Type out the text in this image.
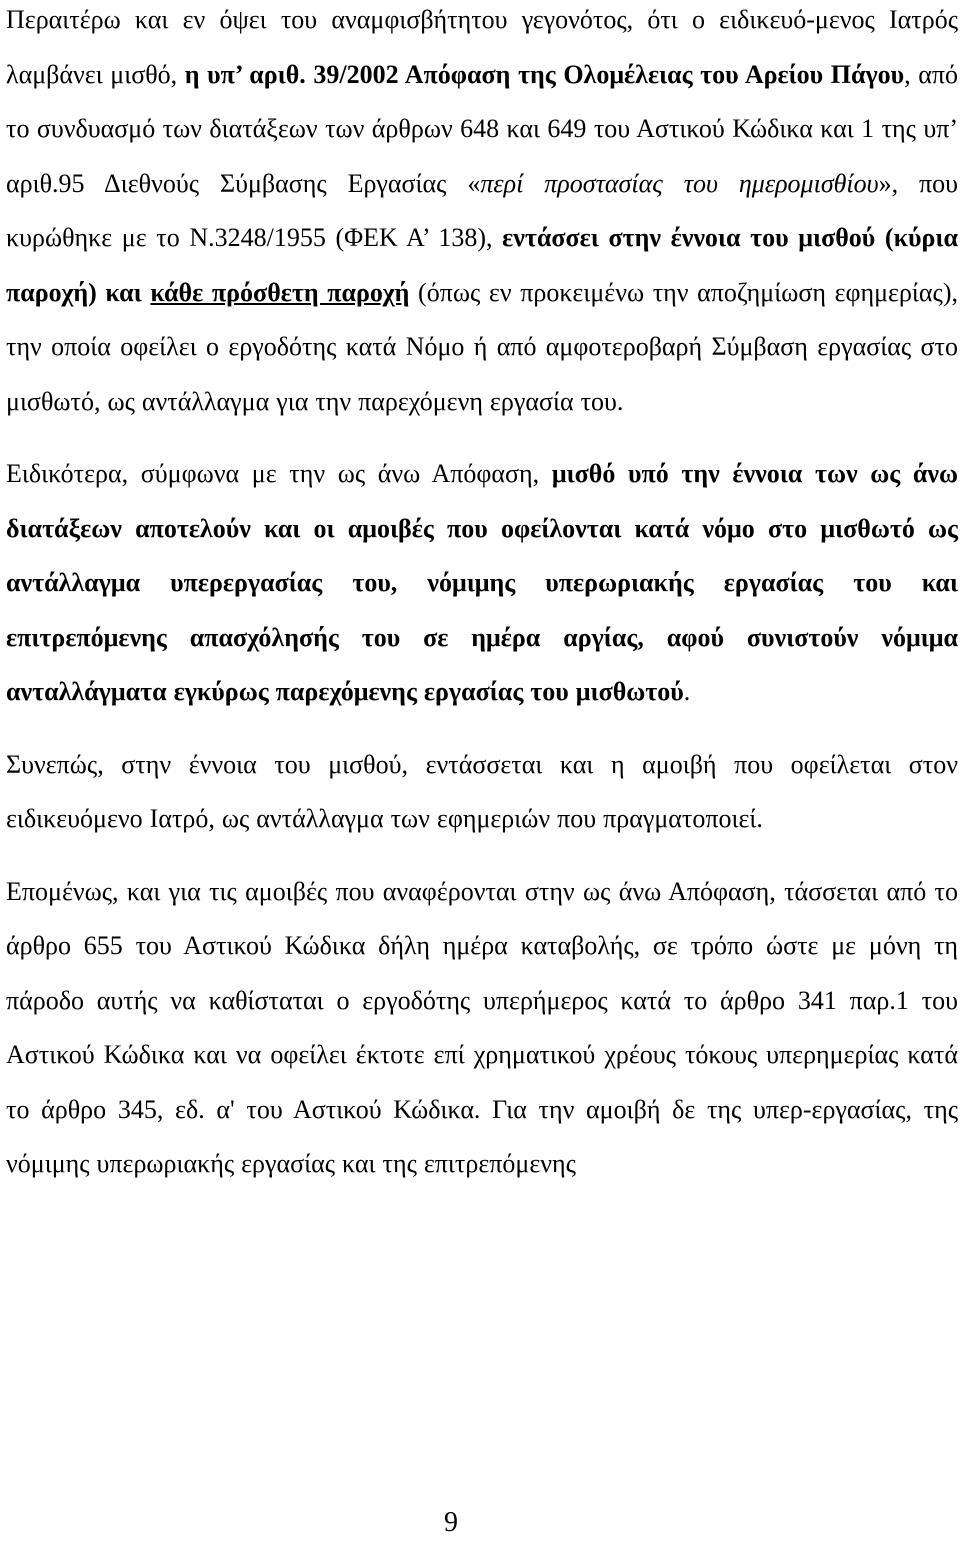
Περαιτέρω και εν όψει του αναμφισβήτητου γεγονότος, ότι ο ειδικευό-μενος Ιατρός λαμβάνει μισθό, η υπ’ αριθ. 39/2002 Απόφαση της Ολομέλειας του Αρείου Πάγου, από το συνδυασμό των διατάξεων των άρθρων 648 και 649 του Αστικού Κώδικα και 1 της υπ’ αριθ.95 Διεθνούς Σύμβασης Εργασίας «περί προστασίας του ημερομισθίου», που κυρώθηκε με το Ν.3248/1955 (ΦΕΚ Α’ 138), εντάσσει στην έννοια του μισθού (κύρια παροχή) και κάθε πρόσθετη παροχή (όπως εν προκειμένω την αποζημίωση εφημερίας), την οποία οφείλει ο εργοδότης κατά Νόμο ή από αμφοτεροβαρή Σύμβαση εργασίας στο μισθωτό, ως αντάλλαγμα για την παρεχόμενη εργασία του.

Ειδικότερα, σύμφωνα με την ως άνω Απόφαση, μισθό υπό την έννοια των ως άνω διατάξεων αποτελούν και οι αμοιβές που οφείλονται κατά νόμο στο μισθωτό ως αντάλλαγμα υπερεργασίας του, νόμιμης υπερωριακής εργασίας του και επιτρεπόμενης απασχόλησής του σε ημέρα αργίας, αφού συνιστούν νόμιμα ανταλλάγματα εγκύρως παρεχόμενης εργασίας του μισθωτού.

Συνεπώς, στην έννοια του μισθού, εντάσσεται και η αμοιβή που οφείλεται στον ειδικευόμενο Ιατρό, ως αντάλλαγμα των εφημεριών που πραγματοποιεί.

Επομένως, και για τις αμοιβές που αναφέρονται στην ως άνω Απόφαση, τάσσεται από το άρθρο 655 του Αστικού Κώδικα δήλη ημέρα καταβολής, σε τρόπο ώστε με μόνη τη πάροδο αυτής να καθίσταται ο εργοδότης υπερήμερος κατά το άρθρο 341 παρ.1 του Αστικού Κώδικα και να οφείλει έκτοτε επί χρηματικού χρέους τόκους υπερημερίας κατά το άρθρο 345, εδ. α' του Αστικού Κώδικα. Για την αμοιβή δε της υπερ-εργασίας, της νόμιμης υπερωριακής εργασίας και της επιτρεπόμενης

9
